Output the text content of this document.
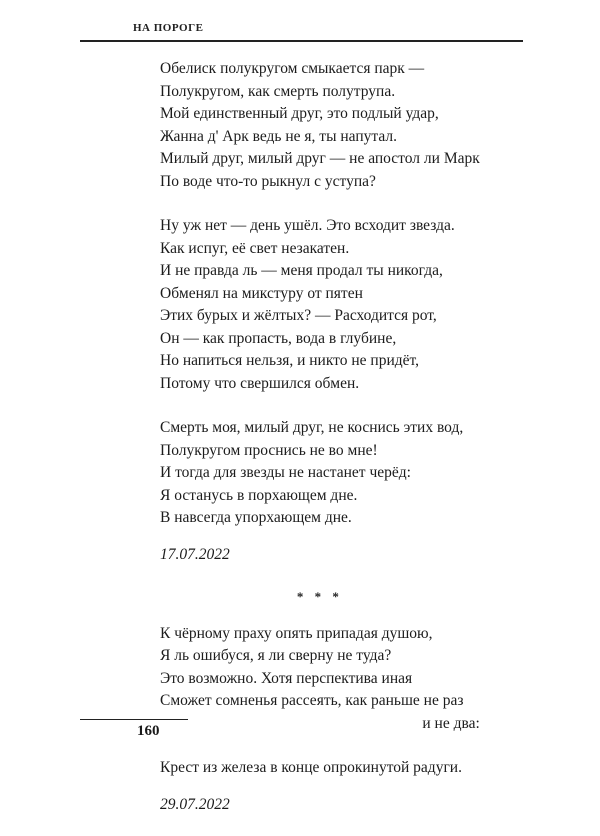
НА ПОРОГЕ
Обелиск полукругом смыкается парк —
Полукругом, как смерть полутрупа.
Мой единственный друг, это подлый удар,
Жанна д' Арк ведь не я, ты напутал.
Милый друг, милый друг — не апостол ли Марк
По воде что-то рыкнул с уступа?
Ну уж нет — день ушёл. Это всходит звезда.
Как испуг, её свет незакатен.
И не правда ль — меня продал ты никогда,
Обменял на микстуру от пятен
Этих бурых и жёлтых? — Расходится рот,
Он — как пропасть, вода в глубине,
Но напиться нельзя, и никто не придёт,
Потому что свершился обмен.
Смерть моя, милый друг, не коснись этих вод,
Полукругом проснись не во мне!
И тогда для звезды не настанет черёд:
Я останусь в порхающем дне.
В навсегда упорхающем дне.
17.07.2022
* * *
К чёрному праху опять припадая душою,
Я ль ошибуся, я ли сверну не туда?
Это возможно. Хотя перспектива иная
Сможет сомненья рассеять, как раньше не раз
и не два:
Крест из железа в конце опрокинутой радуги.
29.07.2022
160
